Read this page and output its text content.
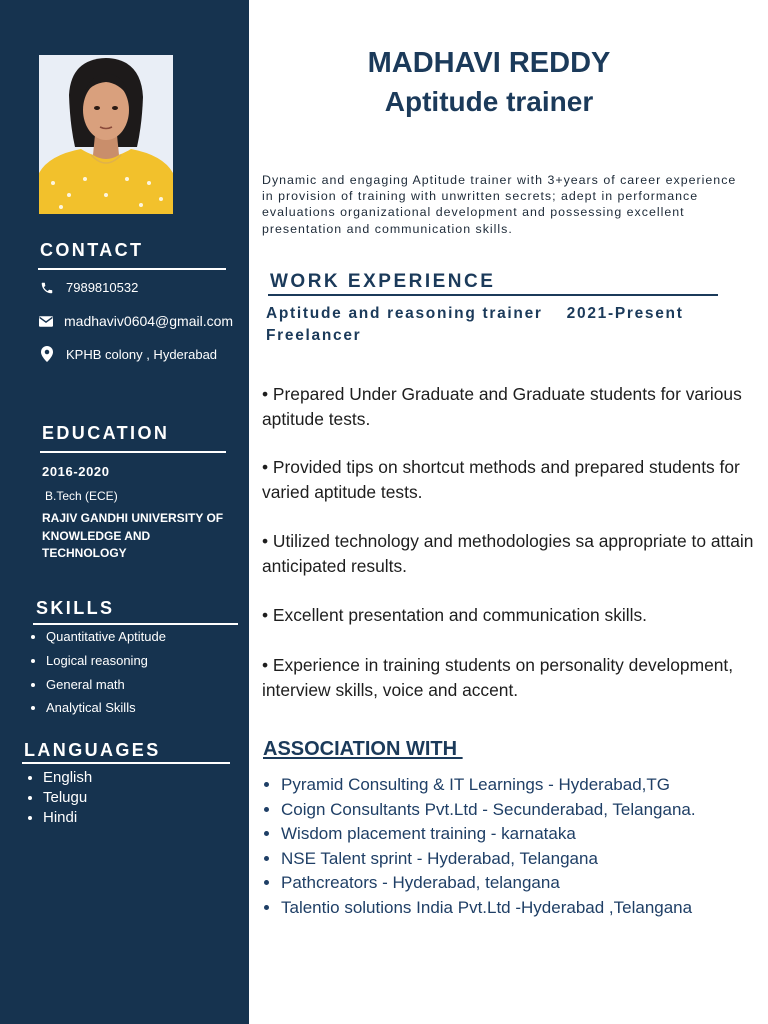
CONTACT
7989810532
madhaviv0604@gmail.com
KPHB colony , Hyderabad
EDUCATION
2016-2020
B.Tech (ECE)
RAJIV GANDHI UNIVERSITY OF KNOWLEDGE AND TECHNOLOGY
SKILLS
• Quantitative Aptitude
• Logical reasoning
• General math
• Analytical Skills
LANGUAGES
• English
• Telugu
• Hindi
MADHAVI REDDY
Aptitude trainer
Dynamic and engaging Aptitude trainer with 3+years of career experience in provision of training with unwritten secrets; adept in performance evaluations organizational development and possessing excellent presentation and communication skills.
WORK EXPERIENCE
Aptitude and reasoning trainer 2021-Present
Freelancer
• Prepared Under Graduate and Graduate students for various aptitude tests.
• Provided tips on shortcut methods and prepared students for varied aptitude tests.
• Utilized technology and methodologies sa appropriate to attain anticipated results.
• Excellent presentation and communication skills.
• Experience in training students on personality development, interview skills, voice and accent.
ASSOCIATION WITH
• Pyramid Consulting & IT Learnings - Hyderabad,TG
• Coign Consultants Pvt.Ltd - Secunderabad, Telangana.
• Wisdom placement training - karnataka
• NSE Talent sprint - Hyderabad, Telangana
• Pathcreators - Hyderabad, telangana
• Talentio solutions India Pvt.Ltd -Hyderabad ,Telangana
